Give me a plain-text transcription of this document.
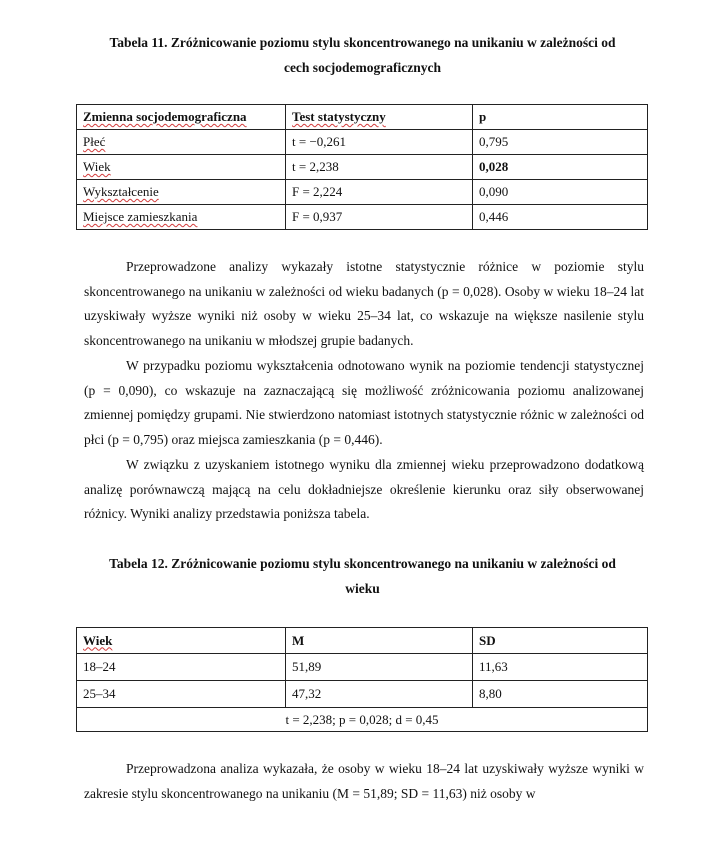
Tabela 11. Zróżnicowanie poziomu stylu skoncentrowanego na unikaniu w zależności od
cech socjodemograficznych
Zmienna socjodemograficzna	Test statystyczny	p
Płeć	t = −0,261	0,795
Wiek	t = 2,238	0,028
Wykształcenie	F = 2,224	0,090
Miejsce zamieszkania	F = 0,937	0,446

Przeprowadzone analizy wykazały istotne statystycznie różnice w poziomie stylu skoncentrowanego na unikaniu w zależności od wieku badanych (p = 0,028). Osoby w wieku 18–24 lat uzyskiwały wyższe wyniki niż osoby w wieku 25–34 lat, co wskazuje na większe nasilenie stylu skoncentrowanego na unikaniu w młodszej grupie badanych.

W przypadku poziomu wykształcenia odnotowano wynik na poziomie tendencji statystycznej (p = 0,090), co wskazuje na zaznaczającą się możliwość zróżnicowania poziomu analizowanej zmiennej pomiędzy grupami. Nie stwierdzono natomiast istotnych statystycznie różnic w zależności od płci (p = 0,795) oraz miejsca zamieszkania (p = 0,446).

W związku z uzyskaniem istotnego wyniku dla zmiennej wieku przeprowadzono dodatkową analizę porównawczą mającą na celu dokładniejsze określenie kierunku oraz siły obserwowanej różnicy. Wyniki analizy przedstawia poniższa tabela.

Tabela 12. Zróżnicowanie poziomu stylu skoncentrowanego na unikaniu w zależności od
wieku
Wiek	M	SD
18–24	51,89	11,63
25–34	47,32	8,80
t = 2,238; p = 0,028; d = 0,45		

Przeprowadzona analiza wykazała, że osoby w wieku 18–24 lat uzyskiwały wyższe wyniki w zakresie stylu skoncentrowanego na unikaniu (M = 51,89; SD = 11,63) niż osoby w
